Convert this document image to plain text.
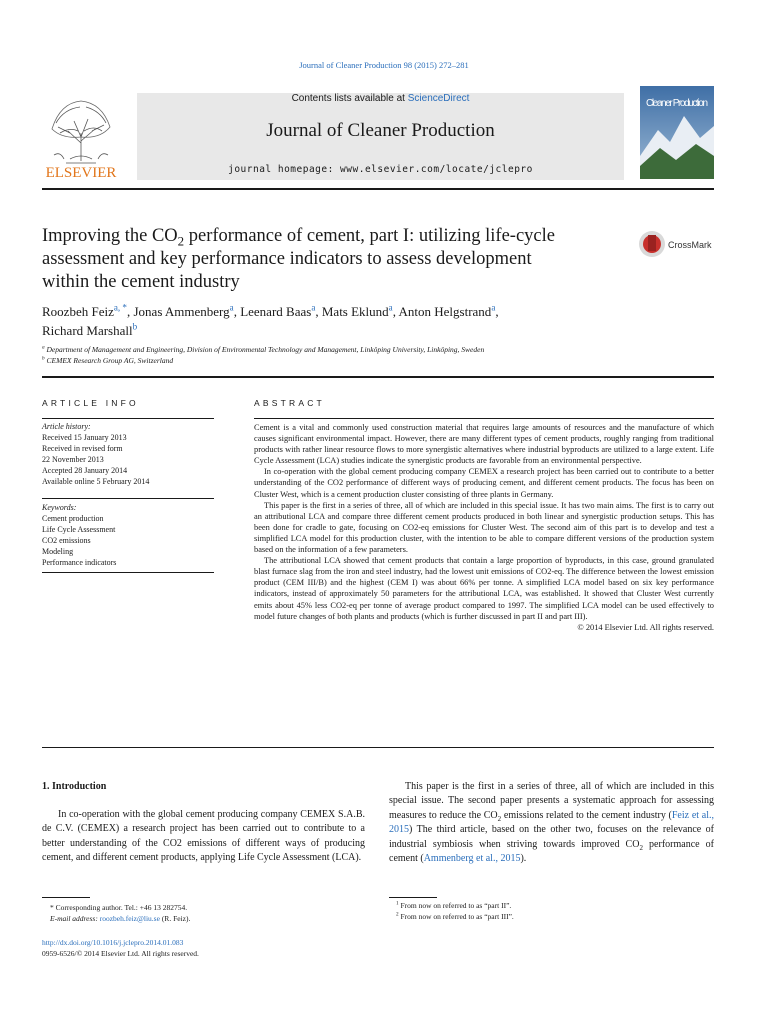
Journal of Cleaner Production 98 (2015) 272–281
ELSEVIER
Contents lists available at ScienceDirect
Journal of Cleaner Production
journal homepage: www.elsevier.com/locate/jclepro
Cleaner Production
Improving the $CO_2$ performance of cement, part I: utilizing life-cycle
assessment and key performance indicators to assess development
within the cement industry
CrossMark
Roozbeh Feiz$^{a, *}$, Jonas Ammenberg$^a$, Leenard Baas$^a$, Mats Eklund$^a$, Anton Helgstrand$^a$,
Richard Marshall$^b$
$^a$ Department of Management and Engineering, Division of Environmental Technology and Management, Linköping University, Linköping, Sweden
$^b$ CEMEX Research Group AG, Switzerland
ARTICLE INFO	ABSTRACT
Article history:
Received 15 January 2013
Received in revised form
22 November 2013
Accepted 28 January 2014
Available online 5 February 2014
Keywords:
Cement production
Life Cycle Assessment
CO2 emissions
Modeling
Performance indicators

Cement is a vital and commonly used construction material that requires large amounts of resources and the manufacture of which causes significant environmental impact. However, there are many different types of cement products, roughly ranging from traditional products with rather linear resource flows to more synergistic alternatives where industrial byproducts are utilized to a large extent. Life Cycle Assessment (LCA) studies indicate the synergistic products are favorable from an environmental perspective.

In co-operation with the global cement producing company CEMEX a research project has been carried out to contribute to a better understanding of the CO2 performance of different ways of producing cement, and different cement products. The focus has been on Cluster West, which is a cement production cluster consisting of three plants in Germany.

This paper is the first in a series of three, all of which are included in this special issue. It has two main aims. The first is to carry out an attributional LCA and compare three different cement products produced in both linear and synergistic production setups. This has been done for cradle to gate, focusing on CO2-eq emissions for Cluster West. The second aim of this part is to develop and test a simplified LCA model for this production cluster, with the intention to be able to compare different versions of the production system based on the information of a few parameters.

The attributional LCA showed that cement products that contain a large proportion of byproducts, in this case, ground granulated blast furnace slag from the iron and steel industry, had the lowest unit emissions of CO2-eq. The difference between the lowest emission product (CEM III/B) and the highest (CEM I) was about 66% per tonne. A simplified LCA model based on six key performance indicators, instead of approximately 50 parameters for the attributional LCA, was established. It showed that Cluster West currently emits about 45% less CO2-eq per tonne of average product compared to 1997. The simplified LCA model can be used effectively to model future changes of both plants and products (which is further discussed in part II and part III).

© 2014 Elsevier Ltd. All rights reserved.

1. Introduction
In co-operation with the global cement producing company CEMEX S.A.B. de C.V. (CEMEX) a research project has been carried out to contribute to a better understanding of the CO2 emissions of different ways of producing cement, and different cement products, applying Life Cycle Assessment (LCA).
This paper is the first in a series of three, all of which are included in this special issue. The second paper presents a systematic approach for assessing measures to reduce the $CO_2$ emissions related to the cement industry (Feiz et al., 2015) The third article, based on the other two, focuses on the relevance of industrial symbiosis when striving towards improved $CO_2$ performance of cement (Ammenberg et al., 2015).
* Corresponding author. Tel.: +46 13 282754.
E-mail address: roozbeh.feiz@liu.se (R. Feiz).
$^1$ From now on referred to as “part II”.
$^2$ From now on referred to as “part III”.
http://dx.doi.org/10.1016/j.jclepro.2014.01.083
0959-6526/© 2014 Elsevier Ltd. All rights reserved.
